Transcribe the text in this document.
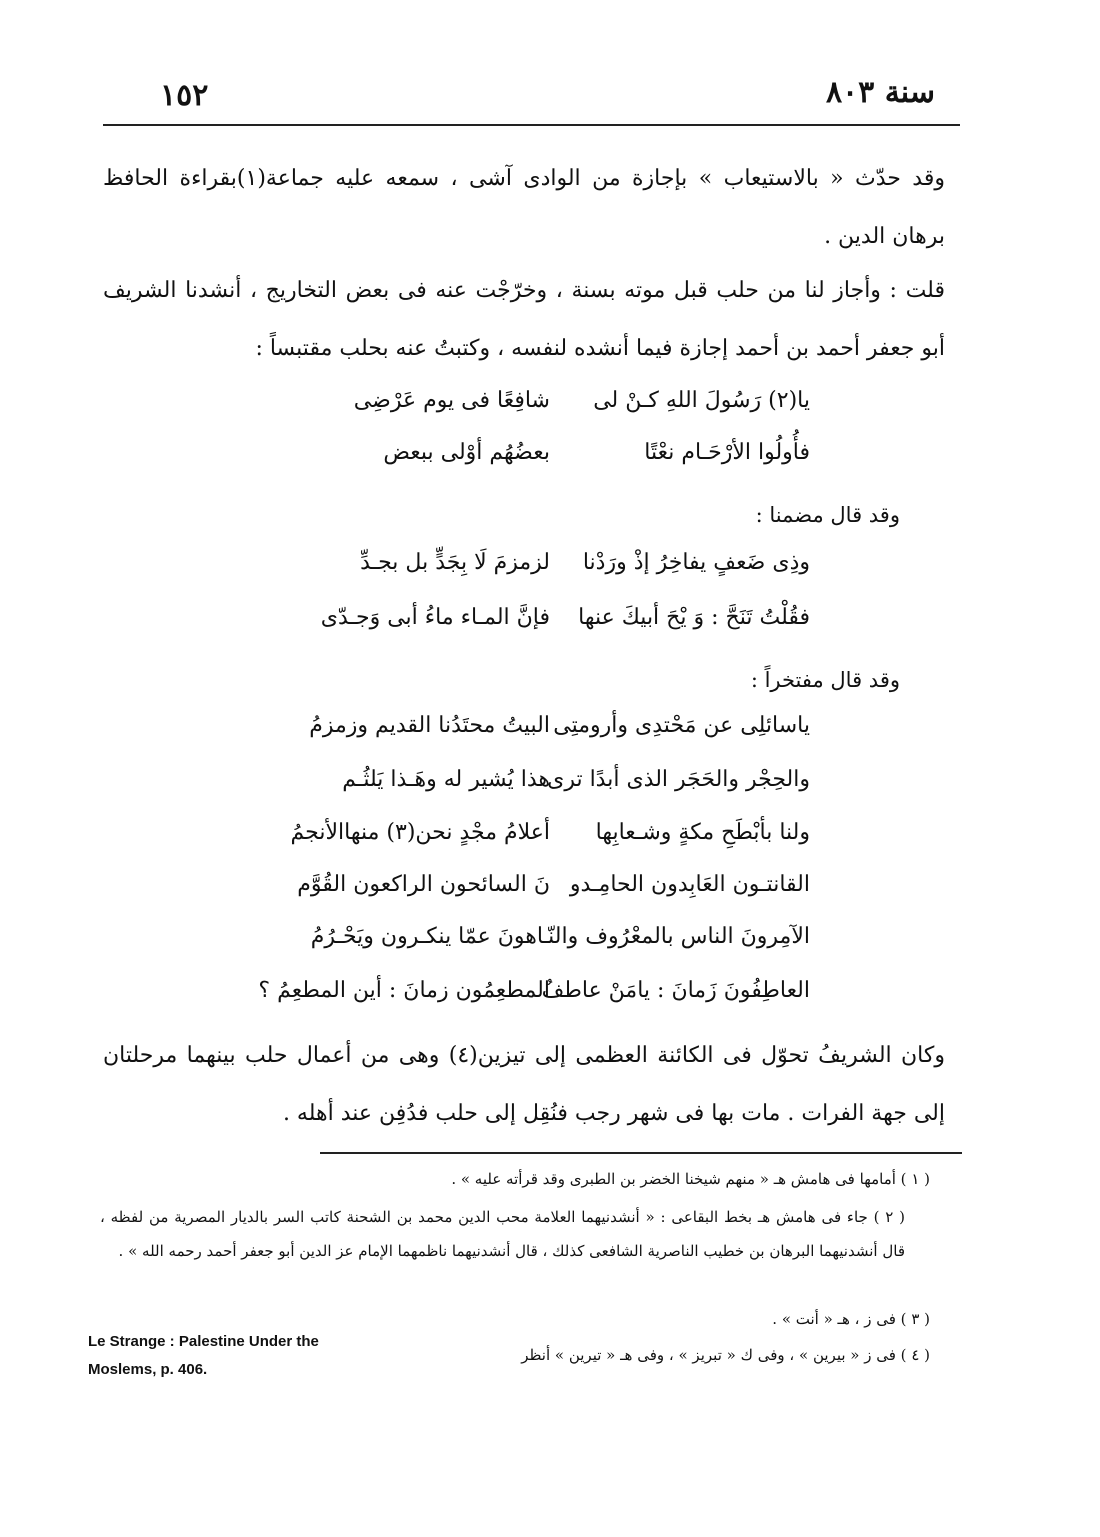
١٥٢	سنة ٨٠٣
وقد حدّث « بالاستيعاب » بإجازة من الوادى آشى ، سمعه عليه جماعة(١)بقراءة الحافظ برهان الدين .
قلت : وأجاز لنا من حلب قبل موته بسنة ، وخرّجْت عنه فى بعض التخاريج ، أنشدنا الشريف أبو جعفر أحمد بن أحمد إجازة فيما أنشده لنفسه ، وكتبتُ عنه بحلب مقتبساً :
يا(٢) رَسُولَ اللهِ كـنْ لى
شافِعًا فى يوم عَرْضِى
فأُولُوا الأرْحَـام نعْتًا
بعضُهُم أوْلى ببعض
وقد قال مضمنا :
وذِى ضَعفٍ يفاخِرُ إذْ ورَدْنا
لزمزمَ لَا بِجَدٍّ بل بجـدِّ
فقُلْتُ تَنَحَّ : وَ يْحَ أبيكَ عنها
فإنَّ المـاء ماءُ أبى وَجـدّى
وقد قال مفتخراً :
ياسائلِى عن مَحْتدِى وأرومتِى
البيتُ محتَدُنا القديم وزمزمُ
والحِجْر والحَجَر الذى أبدًا ترى
هذا يُشير له وهَـذا يَلثُـم
ولنا بأبْطَحِ مكةٍ وشـعابِها
أعلامُ مجْدٍ نحن(٣) منهاالأنجمُ
القانتـون العَابِدون الحامِـدو
نَ السائحون الراكعون القُوَّم
الآمِرونَ الناس بالمعْرُوف والنّـ
ـاهونَ عمّا ينكـرون ويَحْـرُمُ
العاطِفُونَ زَمانَ : يامَنْ عاطفٌ
المطعِمُون زمانَ : أين المطعِمُ ؟
وكان الشريفُ تحوّل فى الكائنة العظمى إلى تيزين(٤) وهى من أعمال حلب بينهما مرحلتان إلى جهة الفرات . مات بها فى شهر رجب فنُقِل إلى حلب فدُفِن عند أهله .
( ١ ) أمامها فى هامش هـ « منهم شيخنا الخضر بن الطبرى وقد قرأته عليه » .
( ٢ ) جاء فى هامش هـ بخط البقاعى : « أنشدنيهما العلامة محب الدين محمد بن الشحنة كاتب السر بالديار المصرية من لفظه ، قال أنشدنيهما البرهان بن خطيب الناصرية الشافعى كذلك ، قال أنشدنيهما ناظمهما الإمام عز الدين أبو جعفر أحمد رحمه الله » .
( ٣ ) فى ز ، هـ « أنت » .
( ٤ ) فى ز « بيرين » ، وفى ك « تبريز » ، وفى هـ « تيرين » أنظر
Le Strange : Palestine Under the
Moslems, p. 406.
